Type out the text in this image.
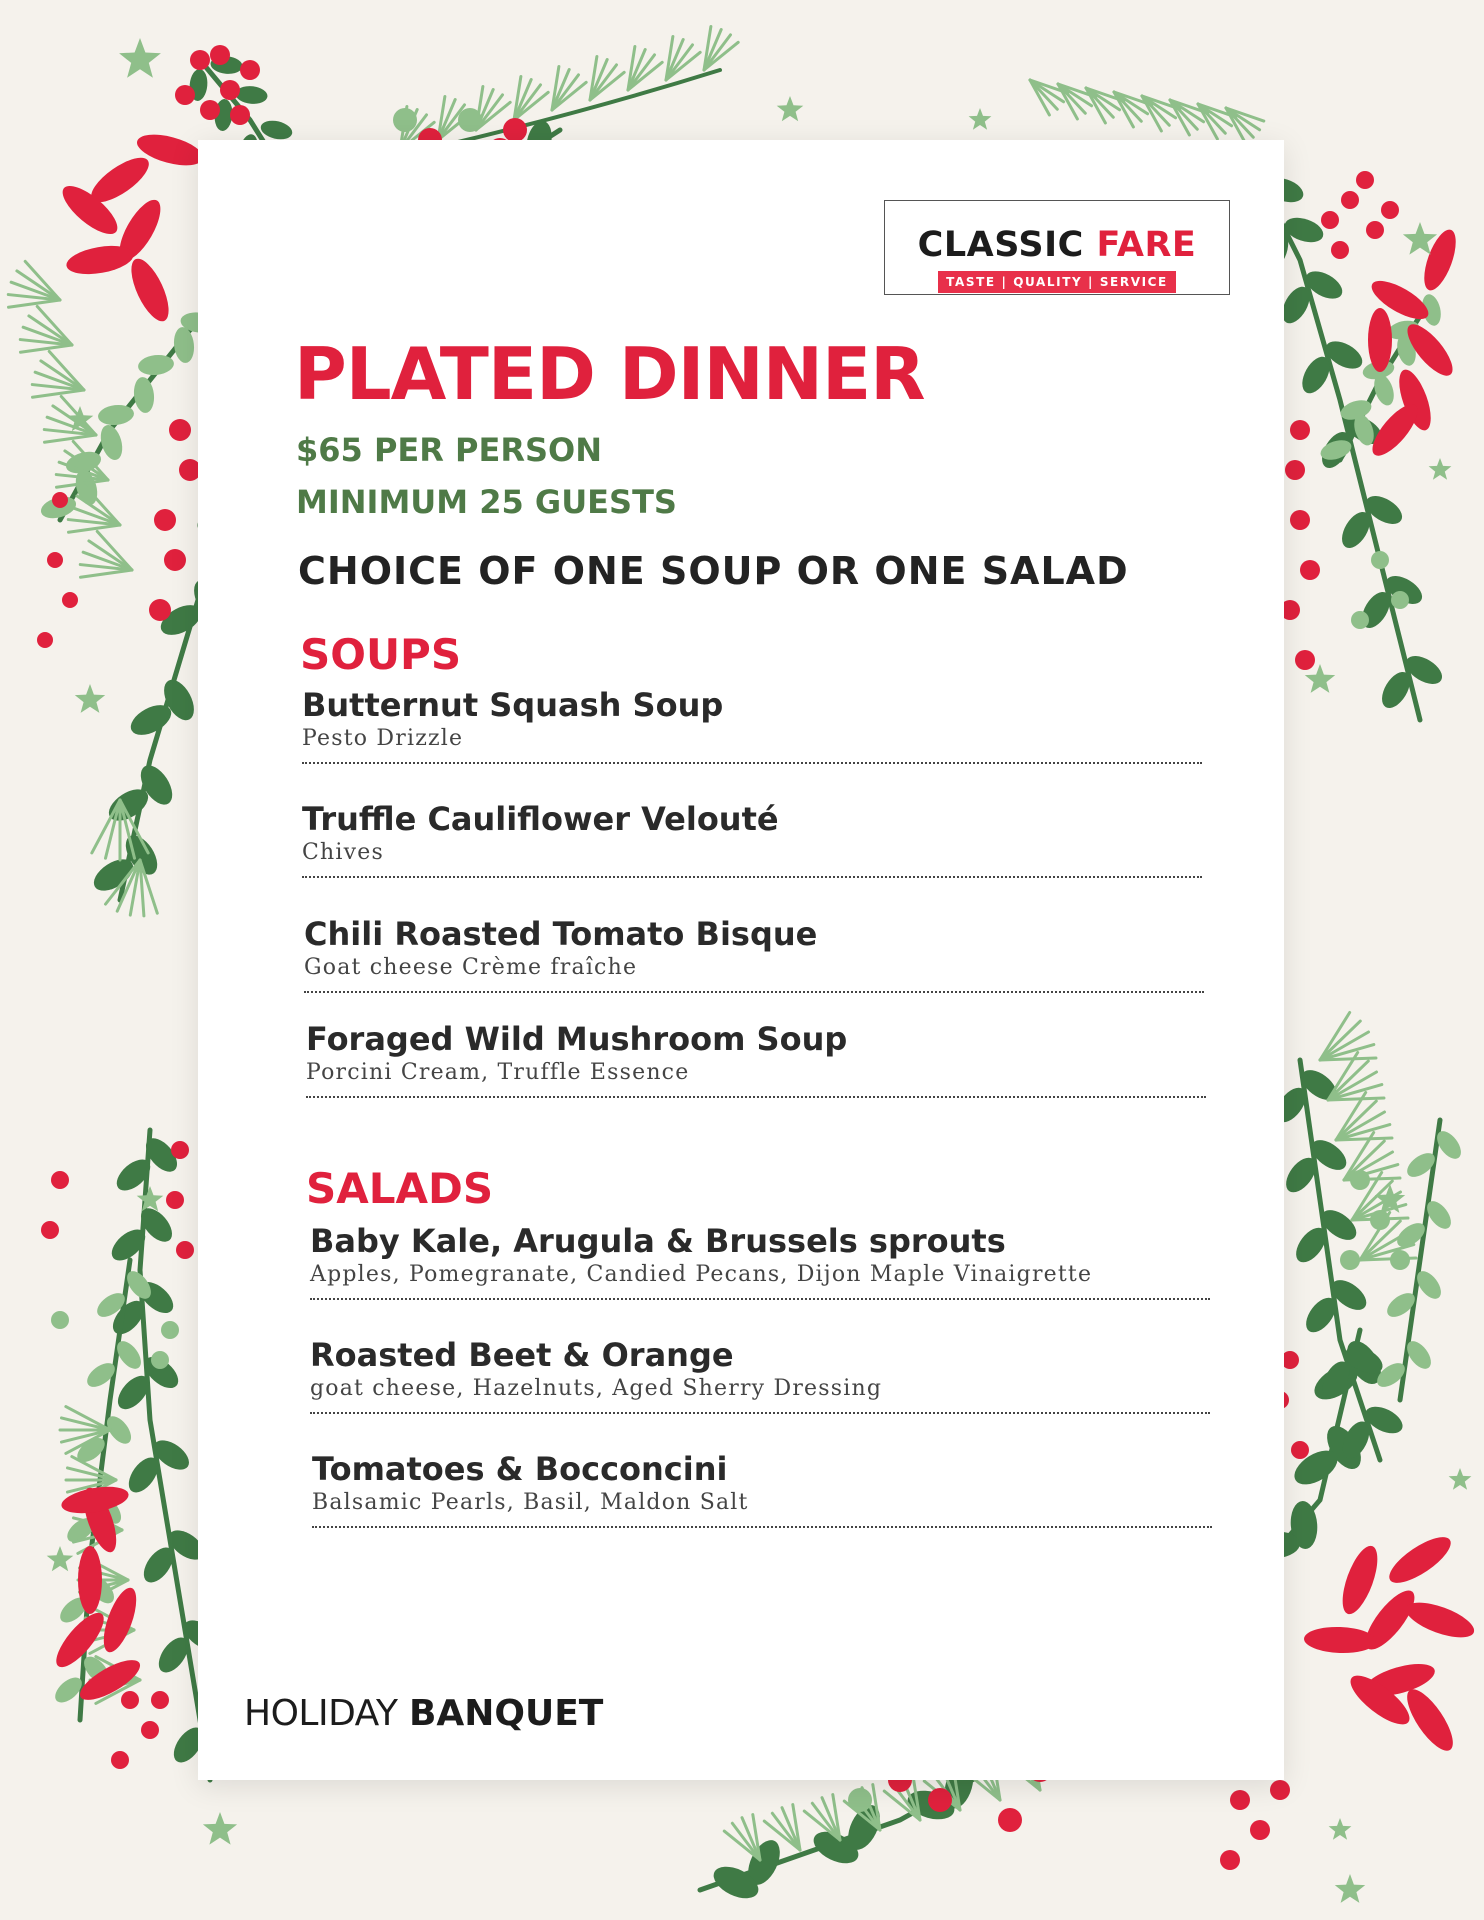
CLASSIC FARE
TASTE | QUALITY | SERVICE
PLATED DINNER
$65 PER PERSON
MINIMUM 25 GUESTS
CHOICE OF ONE SOUP OR ONE SALAD
SOUPS
Butternut Squash Soup
Pesto Drizzle
Truffle Cauliflower Velouté
Chives
Chili Roasted Tomato Bisque
Goat cheese Crème fraîche
Foraged Wild Mushroom Soup
Porcini Cream, Truffle Essence
SALADS
Baby Kale, Arugula & Brussels sprouts
Apples, Pomegranate, Candied Pecans, Dijon Maple Vinaigrette
Roasted Beet & Orange
goat cheese, Hazelnuts, Aged Sherry Dressing
Tomatoes & Bocconcini
Balsamic Pearls, Basil, Maldon Salt
HOLIDAY BANQUET
